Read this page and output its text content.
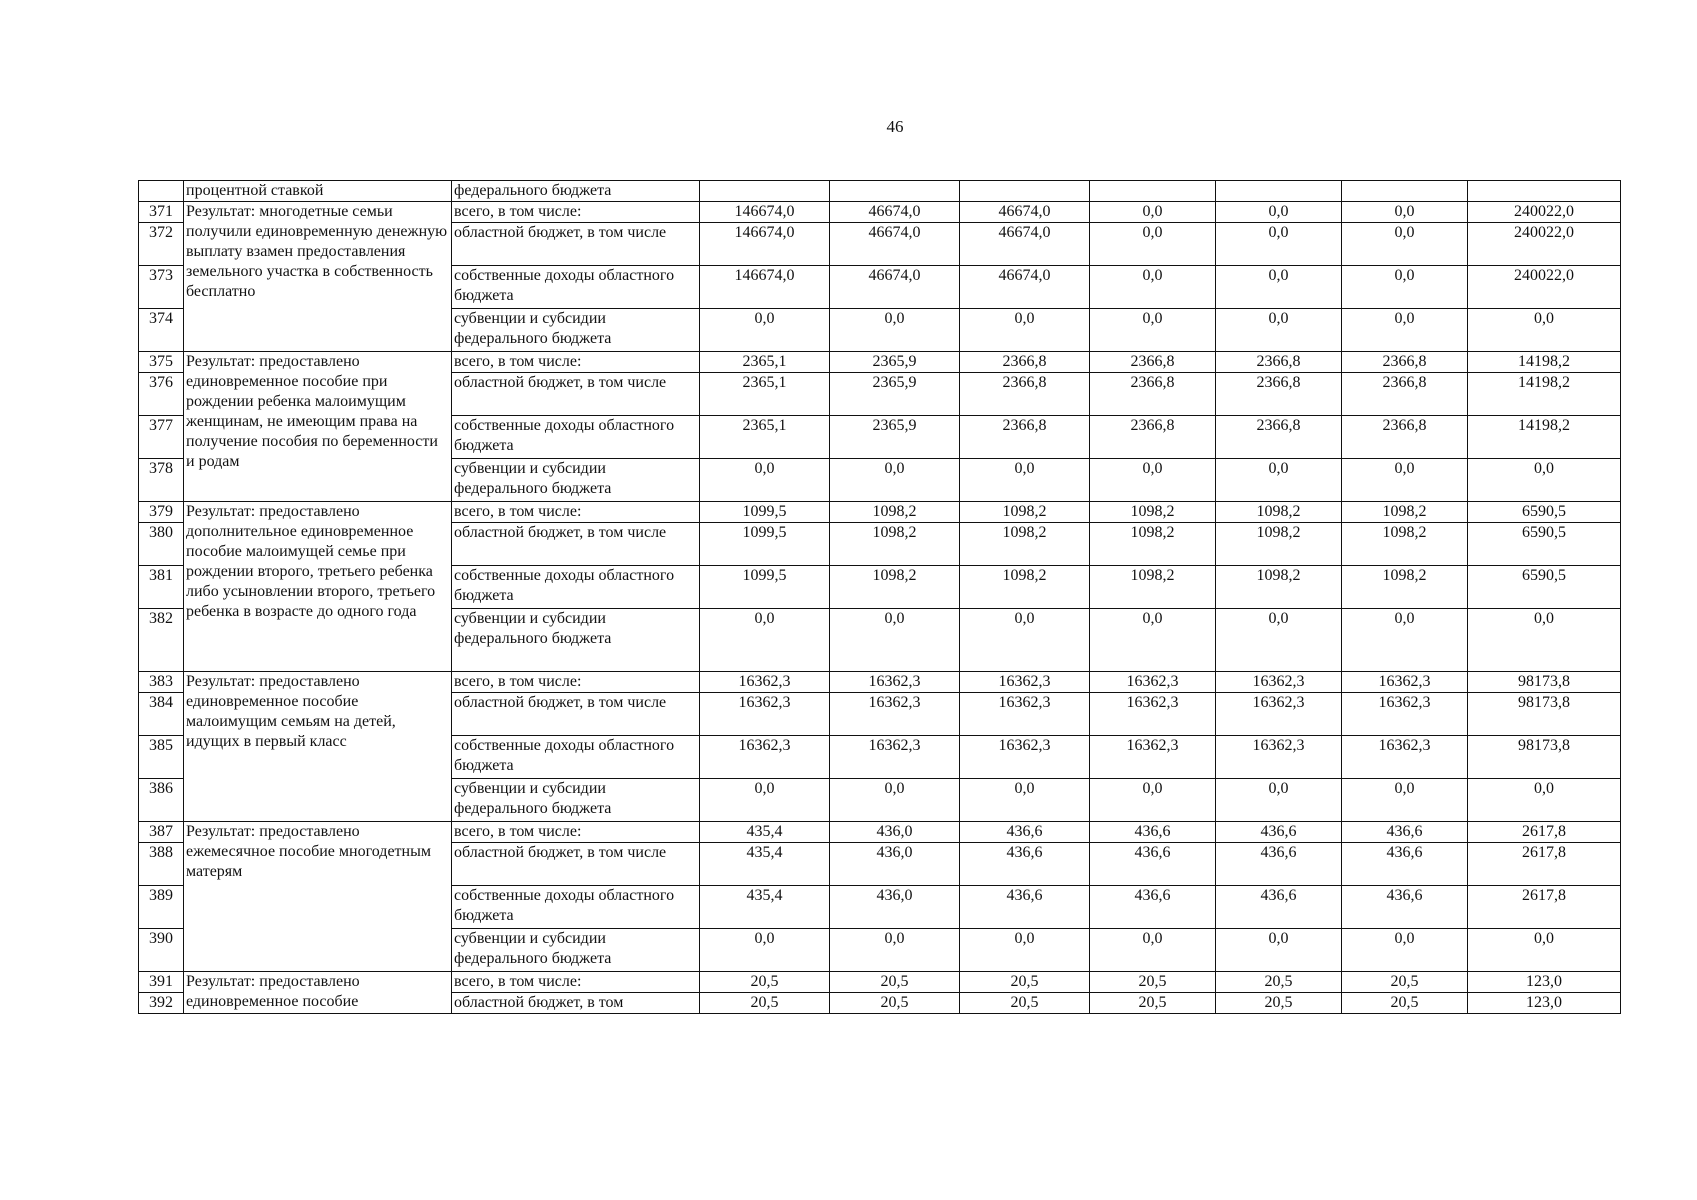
46
	процентной ставкой	федерального бюджета							
371	Результат: многодетные семьи получили единовременную денежную выплату взамен предоставления земельного участка в собственность бесплатно	всего, в том числе:	146674,0	46674,0	46674,0	0,0	0,0	0,0	240022,0
372		областной бюджет, в том числе	146674,0	46674,0	46674,0	0,0	0,0	0,0	240022,0
373		собственные доходы областного бюджета	146674,0	46674,0	46674,0	0,0	0,0	0,0	240022,0
374		субвенции и субсидии федерального бюджета	0,0	0,0	0,0	0,0	0,0	0,0	0,0
375	Результат: предоставлено единовременное пособие при рождении ребенка малоимущим женщинам, не имеющим права на получение пособия по беременности и родам	всего, в том числе:	2365,1	2365,9	2366,8	2366,8	2366,8	2366,8	14198,2
376		областной бюджет, в том числе	2365,1	2365,9	2366,8	2366,8	2366,8	2366,8	14198,2
377		собственные доходы областного бюджета	2365,1	2365,9	2366,8	2366,8	2366,8	2366,8	14198,2
378		субвенции и субсидии федерального бюджета	0,0	0,0	0,0	0,0	0,0	0,0	0,0
379	Результат: предоставлено дополнительное единовременное пособие малоимущей семье при рождении второго, третьего ребенка либо усыновлении второго, третьего ребенка в возрасте до одного года	всего, в том числе:	1099,5	1098,2	1098,2	1098,2	1098,2	1098,2	6590,5
380		областной бюджет, в том числе	1099,5	1098,2	1098,2	1098,2	1098,2	1098,2	6590,5
381		собственные доходы областного бюджета	1099,5	1098,2	1098,2	1098,2	1098,2	1098,2	6590,5
382		субвенции и субсидии федерального бюджета	0,0	0,0	0,0	0,0	0,0	0,0	0,0
383	Результат: предоставлено единовременное пособие малоимущим семьям на детей, идущих в первый класс	всего, в том числе:	16362,3	16362,3	16362,3	16362,3	16362,3	16362,3	98173,8
384		областной бюджет, в том числе	16362,3	16362,3	16362,3	16362,3	16362,3	16362,3	98173,8
385		собственные доходы областного бюджета	16362,3	16362,3	16362,3	16362,3	16362,3	16362,3	98173,8
386		субвенции и субсидии федерального бюджета	0,0	0,0	0,0	0,0	0,0	0,0	0,0
387	Результат: предоставлено ежемесячное пособие многодетным матерям	всего, в том числе:	435,4	436,0	436,6	436,6	436,6	436,6	2617,8
388		областной бюджет, в том числе	435,4	436,0	436,6	436,6	436,6	436,6	2617,8
389		собственные доходы областного бюджета	435,4	436,0	436,6	436,6	436,6	436,6	2617,8
390		субвенции и субсидии федерального бюджета	0,0	0,0	0,0	0,0	0,0	0,0	0,0
391	Результат: предоставлено единовременное пособие	всего, в том числе:	20,5	20,5	20,5	20,5	20,5	20,5	123,0
392		областной бюджет, в том	20,5	20,5	20,5	20,5	20,5	20,5	123,0
